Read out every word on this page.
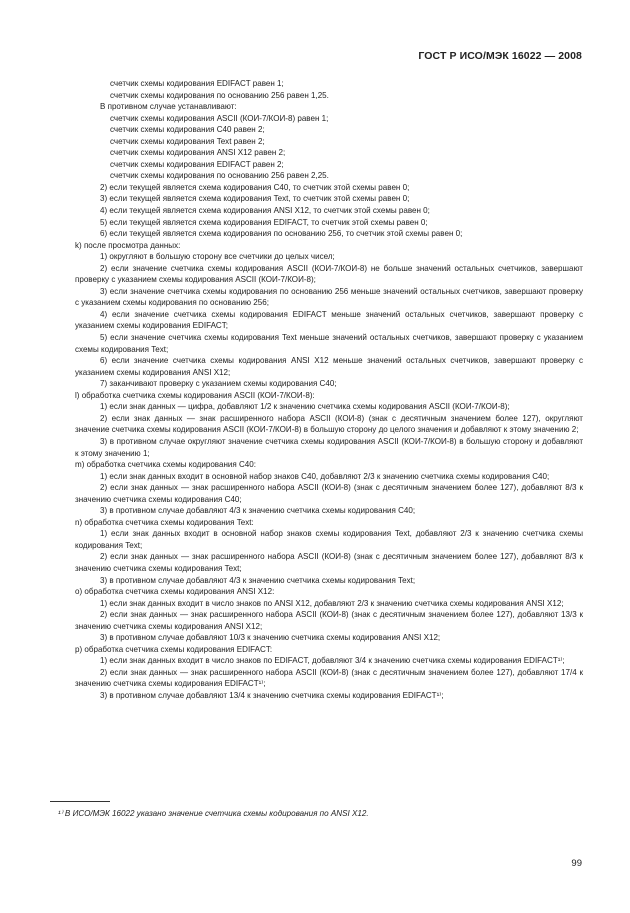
ГОСТ Р ИСО/МЭК 16022 — 2008
счетчик схемы кодирования EDIFACT равен 1;
счетчик схемы кодирования по основанию 256 равен 1,25.
В противном случае устанавливают:
счетчик схемы кодирования ASCII (КОИ-7/КОИ-8) равен 1;
счетчик схемы кодирования C40 равен 2;
счетчик схемы кодирования Text равен 2;
счетчик схемы кодирования ANSI X12 равен 2;
счетчик схемы кодирования EDIFACT равен 2;
счетчик схемы кодирования по основанию 256 равен 2,25.
2) если текущей является схема кодирования C40, то счетчик этой схемы равен 0;
3) если текущей является схема кодирования Text, то счетчик этой схемы равен 0;
4) если текущей является схема кодирования ANSI X12, то счетчик этой схемы равен 0;
5) если текущей является схема кодирования EDIFACT, то счетчик этой схемы равен 0;
6) если текущей является схема кодирования по основанию 256, то счетчик этой схемы равен 0;
k) после просмотра данных:
1) округляют в большую сторону все счетчики до целых чисел;
2) если значение счетчика схемы кодирования ASCII (КОИ-7/КОИ-8) не больше значений остальных счетчиков, завершают проверку с указанием схемы кодирования ASCII (КОИ-7/КОИ-8);
3) если значение счетчика схемы кодирования по основанию 256 меньше значений остальных счетчиков, завершают проверку с указанием схемы кодирования по основанию 256;
4) если значение счетчика схемы кодирования EDIFACT меньше значений остальных счетчиков, завершают проверку с указанием схемы кодирования EDIFACT;
5) если значение счетчика схемы кодирования Text меньше значений остальных счетчиков, завершают проверку с указанием схемы кодирования Text;
6) если значение счетчика схемы кодирования ANSI X12 меньше значений остальных счетчиков, завершают проверку с указанием схемы кодирования ANSI X12;
7) заканчивают проверку с указанием схемы кодирования C40;
l) обработка счетчика схемы кодирования ASCII (КОИ-7/КОИ-8):
1) если знак данных — цифра, добавляют 1/2 к значению счетчика схемы кодирования ASCII (КОИ-7/КОИ-8);
2) если знак данных — знак расширенного набора ASCII (КОИ-8) (знак с десятичным значением более 127), округляют значение счетчика схемы кодирования ASCII (КОИ-7/КОИ-8) в большую сторону до целого значения и добавляют к этому значению 2;
3) в противном случае округляют значение счетчика схемы кодирования ASCII (КОИ-7/КОИ-8) в большую сторону и добавляют к этому значению 1;
m) обработка счетчика схемы кодирования C40:
1) если знак данных входит в основной набор знаков C40, добавляют 2/3 к значению счетчика схемы кодирования C40;
2) если знак данных — знак расширенного набора ASCII (КОИ-8) (знак с десятичным значением более 127), добавляют 8/3 к значению счетчика схемы кодирования C40;
3) в противном случае добавляют 4/3 к значению счетчика схемы кодирования C40;
n) обработка счетчика схемы кодирования Text:
1) если знак данных входит в основной набор знаков схемы кодирования Text, добавляют 2/3 к значению счетчика схемы кодирования Text;
2) если знак данных — знак расширенного набора ASCII (КОИ-8) (знак с десятичным значением более 127), добавляют 8/3 к значению счетчика схемы кодирования Text;
3) в противном случае добавляют 4/3 к значению счетчика схемы кодирования Text;
o) обработка счетчика схемы кодирования ANSI X12:
1) если знак данных входит в число знаков по ANSI X12, добавляют 2/3 к значению счетчика схемы кодирования ANSI X12;
2) если знак данных — знак расширенного набора ASCII (КОИ-8) (знак с десятичным значением более 127), добавляют 13/3 к значению счетчика схемы кодирования ANSI X12;
3) в противном случае добавляют 10/3 к значению счетчика схемы кодирования ANSI X12;
p) обработка счетчика схемы кодирования EDIFACT:
1) если знак данных входит в число знаков по EDIFACT, добавляют 3/4 к значению счетчика схемы кодирования EDIFACT¹⁾;
2) если знак данных — знак расширенного набора ASCII (КОИ-8) (знак с десятичным значением более 127), добавляют 17/4 к значению счетчика схемы кодирования EDIFACT¹⁾;
3) в противном случае добавляют 13/4 к значению счетчика схемы кодирования EDIFACT¹⁾;
¹⁾ В ИСО/МЭК 16022 указано значение счетчика схемы кодирования по ANSI X12.
99
